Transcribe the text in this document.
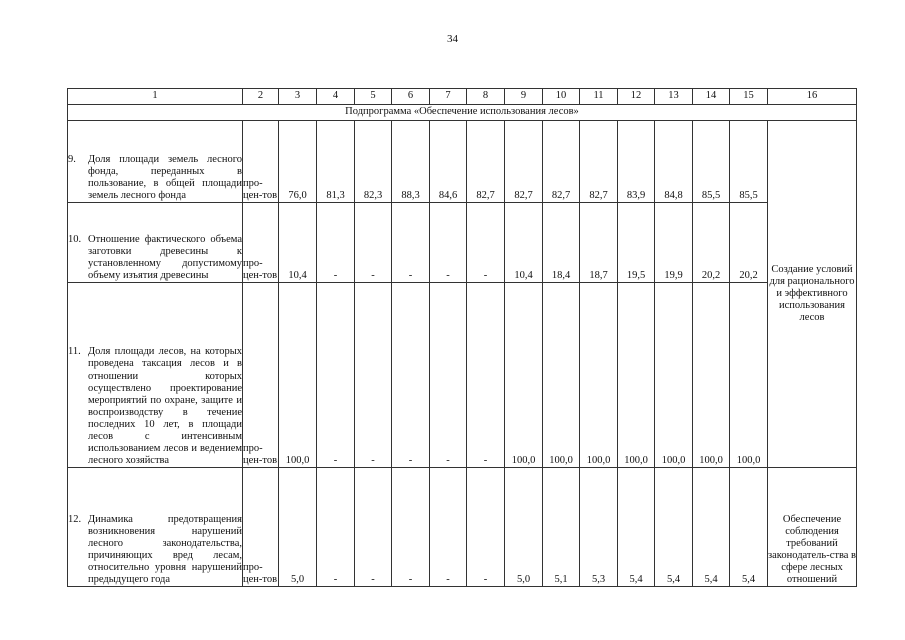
34
1	2	3	4	5	6	7	8	9	10	11	12	13	14	15	16
Подпрограмма «Обеспечение использования лесов»															

9. Доля площади земель лесного фонда, переданных в пользование, в общей площади земель лесного фонда	про-цен-тов	76,0	81,3	82,3	88,3	84,6	82,7	82,7	82,7	82,7	83,9	84,8	85,5	85,5	Создание условий для рационального и эффективного использования лесов

10. Отношение фактического объема заготовки древесины к установленному допустимому объему изъятия древесины	про-цен-тов	10,4	-	-	-	-	-	10,4	18,4	18,7	19,5	19,9	20,2	20,2	

11. Доля площади лесов, на которых проведена таксация лесов и в отношении которых осуществлено проектирование мероприятий по охране, защите и воспроизводству в течение последних 10 лет, в площади лесов с интенсивным использованием лесов и ведением лесного хозяйства	про-цен-тов	100,0	-	-	-	-	-	100,0	100,0	100,0	100,0	100,0	100,0	100,0	

12. Динамика предотвращения возникновения нарушений лесного законодательства, причиняющих вред лесам, относительно уровня нарушений предыдущего года	про-цен-тов	5,0	-	-	-	-	-	5,0	5,1	5,3	5,4	5,4	5,4	5,4	Обеспечение соблюдения требований законодатель-ства в сфере лесных отношений
